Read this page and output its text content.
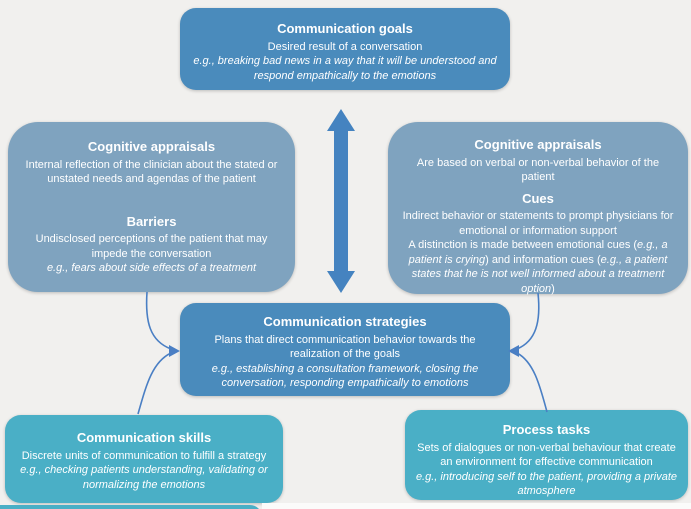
Communication goals
Desired result of a conversation
e.g., breaking bad news in a way that it will be understood and respond empathically to the emotions
Cognitive appraisals
Internal reflection of the clinician about the stated or unstated needs and agendas of the patient
Barriers
Undisclosed perceptions of the patient that may impede the conversation
e.g., fears about side effects of a treatment
Cognitive appraisals
Are based on verbal or non-verbal behavior of the patient
Cues
Indirect behavior or statements to prompt physicians for emotional or information support
A distinction is made between emotional cues (e.g., a patient is crying) and information cues (e.g., a patient states that he is not well informed about a treatment option)
Communication strategies
Plans that direct communication behavior towards the realization of the goals
e.g., establishing a consultation framework, closing the conversation, responding empathically to emotions
Communication skills
Discrete units of communication to fulfill a strategy
e.g., checking patients understanding, validating or normalizing the emotions
Process tasks
Sets of dialogues or non-verbal behaviour that create an environment for effective communication
e.g., introducing self to the patient, providing a private atmosphere
